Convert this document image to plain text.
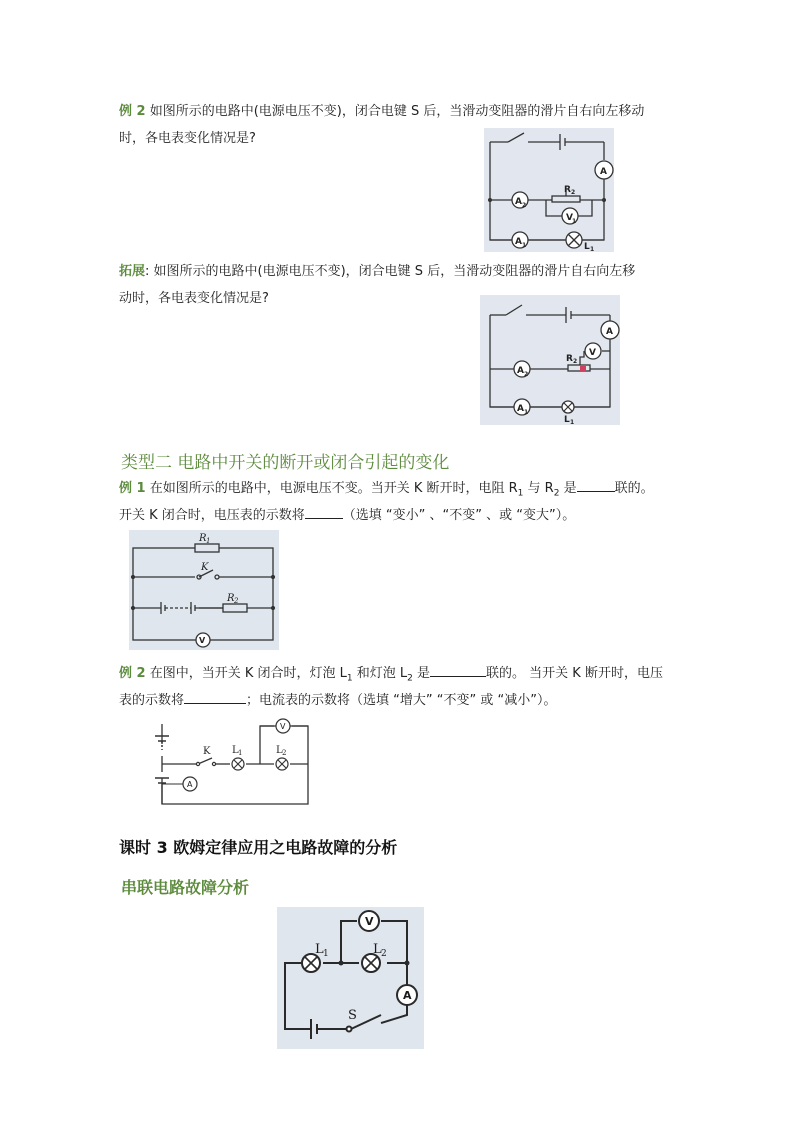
例 2 如图所示的电路中(电源电压不变)，闭合电键 S 后，当滑动变阻器的滑片自右向左移动
时，各电表变化情况是?
A
A 2
A 1
R 2
V 1
L 1
拓展: 如图所示的电路中(电源电压不变)，闭合电键 S 后，当滑动变阻器的滑片自右向左移
动时，各电表变化情况是?
A
V
R 2
A 2
A 1
L 1
类型二 电路中开关的断开或闭合引起的变化
例 1 在如图所示的电路中，电源电压不变。当开关 K 断开时，电阻 $R_1$ 与 $R_2$ 是	联的。
开关 K 闭合时，电压表的示数将	（选填 “变小” 、“不变” 、或 “变大”）。
R 1
K
R 2
V
例 2 在图中，当开关 K 闭合时，灯泡 $L_1$ 和灯泡 $L_2$ 是	联的。 当开关 K 断开时，电压
表的示数将	；电流表的示数将（选填 “增大” “不变” 或 “减小”）。
K L 1	L 2
V
A
课时 3 欧姆定律应用之电路故障的分析
串联电路故障分析
L 1	L 2
S
V
A
